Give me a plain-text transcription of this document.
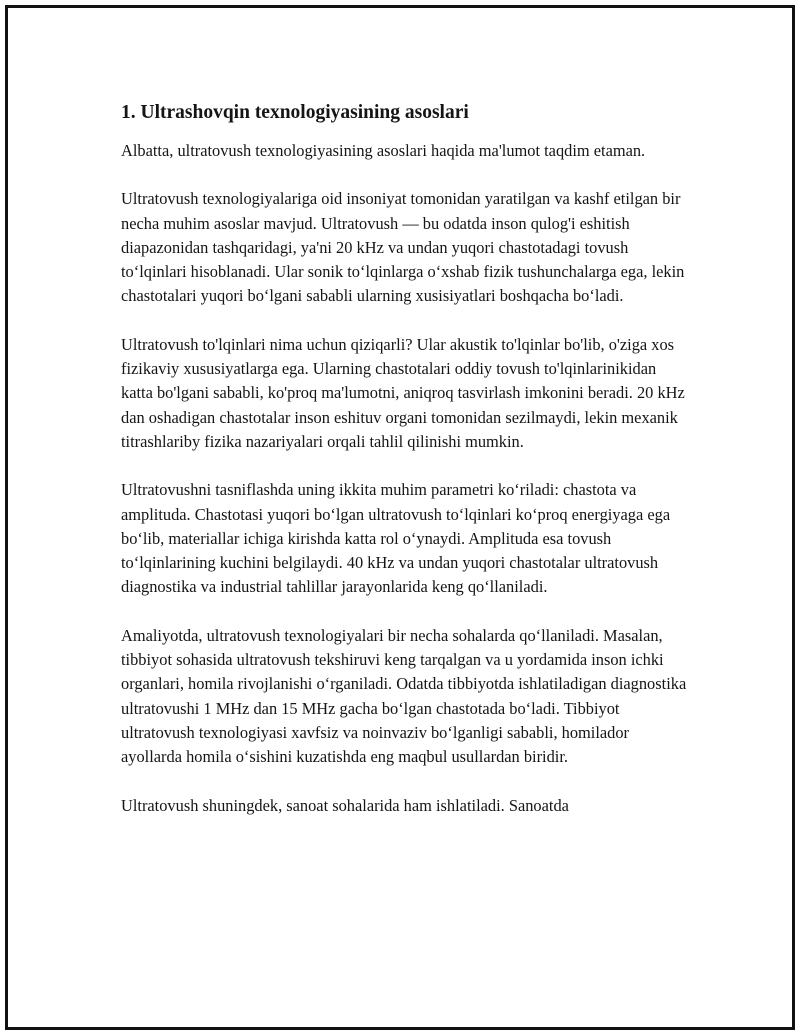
1. Ultrashovqin texnologiyasining asoslari

Albatta, ultratovush texnologiyasining asoslari haqida ma'lumot taqdim etaman.

Ultratovush texnologiyalariga oid insoniyat tomonidan yaratilgan va kashf etilgan bir necha muhim asoslar mavjud. Ultratovush — bu odatda inson qulog'i eshitish diapazonidan tashqaridagi, ya'ni 20 kHz va undan yuqori chastotadagi tovush to‘lqinlari hisoblanadi. Ular sonik to‘lqinlarga o‘xshab fizik tushunchalarga ega, lekin chastotalari yuqori bo‘lgani sababli ularning xusisiyatlari boshqacha bo‘ladi.

Ultratovush to'lqinlari nima uchun qiziqarli? Ular akustik to'lqinlar bo'lib, o'ziga xos fizikaviy xususiyatlarga ega. Ularning chastotalari oddiy tovush to'lqinlarinikidan katta bo'lgani sababli, ko'proq ma'lumotni, aniqroq tasvirlash imkonini beradi. 20 kHz dan oshadigan chastotalar inson eshituv organi tomonidan sezilmaydi, lekin mexanik titrashlariby fizika nazariyalari orqali tahlil qilinishi mumkin.

Ultratovushni tasniflashda uning ikkita muhim parametri ko‘riladi: chastota va amplituda. Chastotasi yuqori bo‘lgan ultratovush to‘lqinlari ko‘proq energiyaga ega bo‘lib, materiallar ichiga kirishda katta rol o‘ynaydi. Amplituda esa tovush to‘lqinlarining kuchini belgilaydi. 40 kHz va undan yuqori chastotalar ultratovush diagnostika va industrial tahlillar jarayonlarida keng qo‘llaniladi.

Amaliyotda, ultratovush texnologiyalari bir necha sohalarda qo‘llaniladi. Masalan, tibbiyot sohasida ultratovush tekshiruvi keng tarqalgan va u yordamida inson ichki organlari, homila rivojlanishi o‘rganiladi. Odatda tibbiyotda ishlatiladigan diagnostika ultratovushi 1 MHz dan 15 MHz gacha bo‘lgan chastotada bo‘ladi. Tibbiyot ultratovush texnologiyasi xavfsiz va noinvaziv bo‘lganligi sababli, homilador ayollarda homila o‘sishini kuzatishda eng maqbul usullardan biridir.

Ultratovush shuningdek, sanoat sohalarida ham ishlatiladi. Sanoatda
